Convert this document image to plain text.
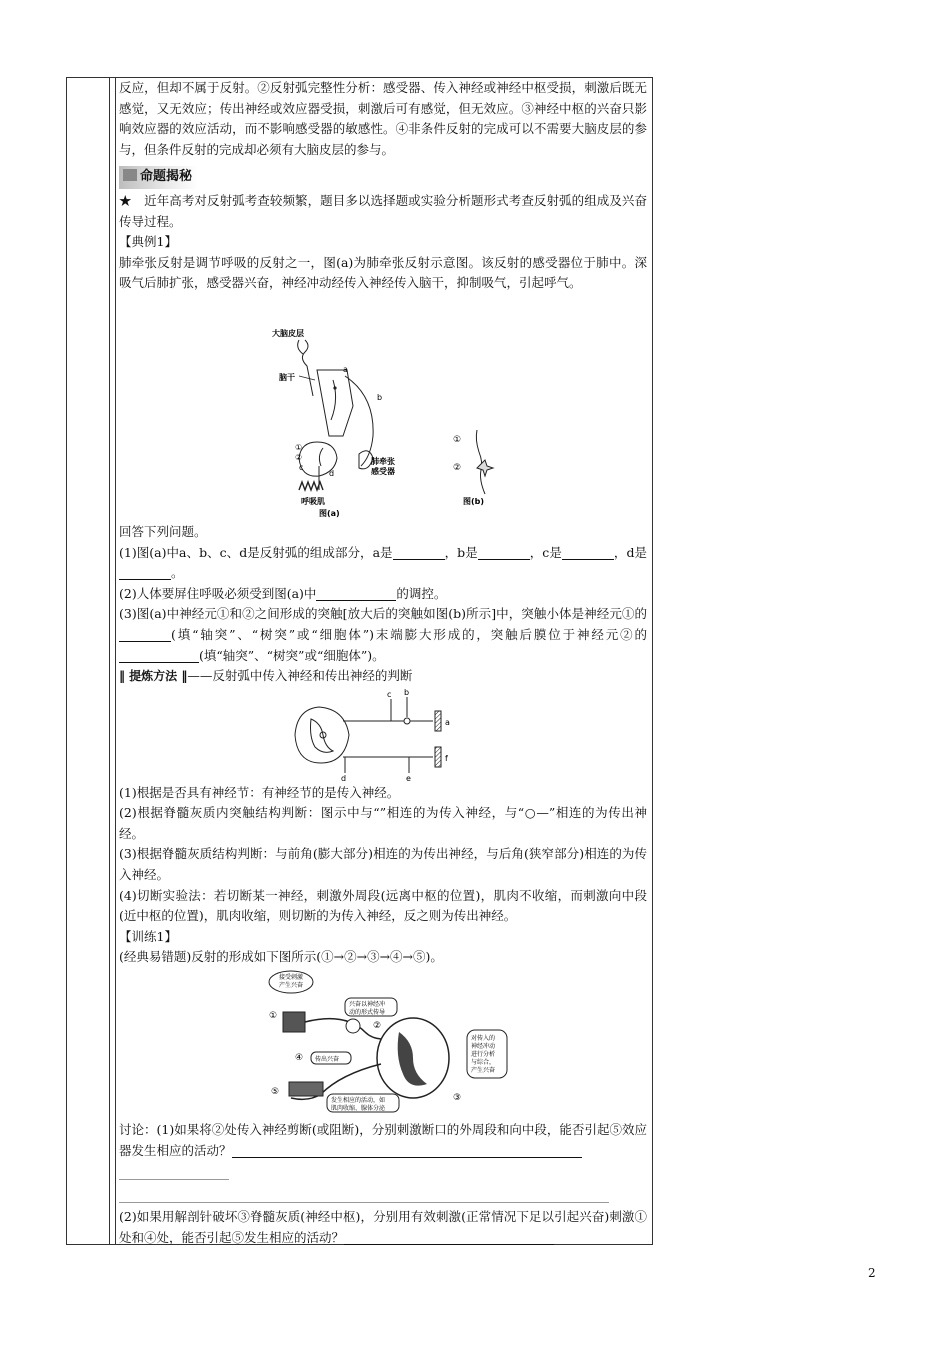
反应，但却不属于反射。②反射弧完整性分析：感受器、传入神经或神经中枢受损，刺激后既无感觉，又无效应；传出神经或效应器受损，刺激后可有感觉，但无效应。③神经中枢的兴奋只影响效应器的效应活动，而不影响感受器的敏感性。④非条件反射的完成可以不需要大脑皮层的参与，但条件反射的完成却必须有大脑皮层的参与。

命题揭秘

★　近年高考对反射弧考查较频繁，题目多以选择题或实验分析题形式考查反射弧的组成及兴奋传导过程。

【典例1】

肺牵张反射是调节呼吸的反射之一，图(a)为肺牵张反射示意图。该反射的感受器位于肺中。深吸气后肺扩张，感受器兴奋，神经冲动经传入神经传入脑干，抑制吸气，引起呼气。

大脑皮层
脑干
a
b
①
②
c
d
呼吸肌
肺牵张
感受器
图(a)
①
②
图(b)

回答下列问题。

(1)图(a)中a、b、c、d是反射弧的组成部分，a是	，b是	，c是	，d是。

(2)人体要屏住呼吸必须受到图(a)中	的调控。

(3)图(a)中神经元①和②之间形成的突触[放大后的突触如图(b)所示]中，突触小体是神经元①的(填“轴突”、“树突”或“细胞体”)末端膨大形成的，突触后膜位于神经元②的(填“轴突”、“树突”或“细胞体”)。

‖ 提炼方法 ‖——反射弧中传入神经和传出神经的判断

c b
a
d	e
f

(1)根据是否具有神经节：有神经节的是传入神经。

(2)根据脊髓灰质内突触结构判断：图示中与“”相连的为传入神经，与“○—”相连的为传出神经。

(3)根据脊髓灰质结构判断：与前角(膨大部分)相连的为传出神经，与后角(狭窄部分)相连的为传入神经。

(4)切断实验法：若切断某一神经，刺激外周段(远离中枢的位置)，肌肉不收缩，而刺激向中段(近中枢的位置)，肌肉收缩，则切断的为传入神经，反之则为传出神经。

【训练1】

(经典易错题)反射的形成如下图所示(①→②→③→④→⑤)。

接受刺激
产生兴奋
兴奋以神经冲
动的形式传导
①
②
对传入的
神经冲动
进行分析
与综合，
产生兴奋
③
传出兴奋
④
⑤
发生相应的活动，如
肌肉收缩、腺体分泌

讨论：(1)如果将②处传入神经剪断(或阻断)，分别刺激断口的外周段和向中段，能否引起⑤效应器发生相应的活动？

(2)如果用解剖针破坏③脊髓灰质(神经中枢)，分别用有效刺激(正常情况下足以引起兴奋)刺激①处和④处，能否引起⑤发生相应的活动？

2
